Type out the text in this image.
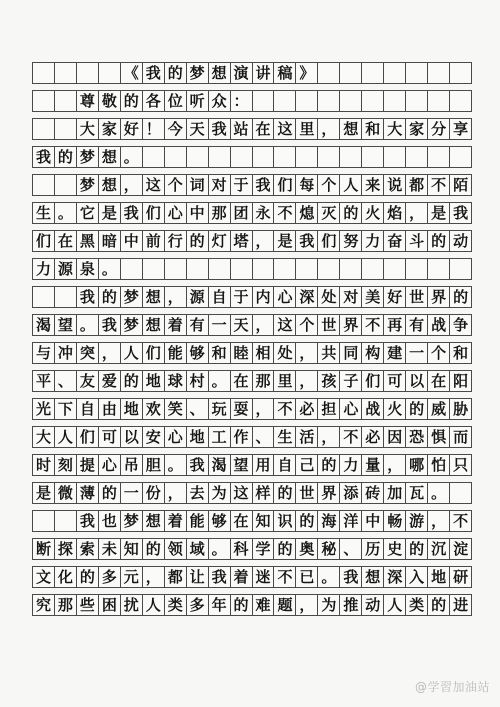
《 我 的 梦 想 演 讲 稿 》
尊 敬 的 各 位 听 众 ：
大 家 好 ！ 今 天 我 站 在 这 里 ， 想 和 大 家 分 享
我 的 梦 想 。
梦 想 ， 这 个 词 对 于 我 们 每 个 人 来 说 都 不 陌
生 。 它 是 我 们 心 中 那 团 永 不 熄 灭 的 火 焰 ， 是 我
们 在 黑 暗 中 前 行 的 灯 塔 ， 是 我 们 努 力 奋 斗 的 动
力 源 泉 。
我 的 梦 想 ， 源 自 于 内 心 深 处 对 美 好 世 界 的
渴 望 。 我 梦 想 着 有 一 天 ， 这 个 世 界 不 再 有 战 争
与 冲 突 ， 人 们 能 够 和 睦 相 处 ， 共 同 构 建 一 个 和
平 、 友 爱 的 地 球 村 。 在 那 里 ， 孩 子 们 可 以 在 阳
光 下 自 由 地 欢 笑 、 玩 耍 ， 不 必 担 心 战 火 的 威 胁
大 人 们 可 以 安 心 地 工 作 、 生 活 ， 不 必 因 恐 惧 而
时 刻 提 心 吊 胆 。 我 渴 望 用 自 己 的 力 量 ， 哪 怕 只
是 微 薄 的 一 份 ， 去 为 这 样 的 世 界 添 砖 加 瓦 。
我 也 梦 想 着 能 够 在 知 识 的 海 洋 中 畅 游 ， 不
断 探 索 未 知 的 领 域 。 科 学 的 奥 秘 、 历 史 的 沉 淀
文 化 的 多 元 ， 都 让 我 着 迷 不 已 。 我 想 深 入 地 研
究 那 些 困 扰 人 类 多 年 的 难 题 ， 为 推 动 人 类 的 进
@学習加油站
